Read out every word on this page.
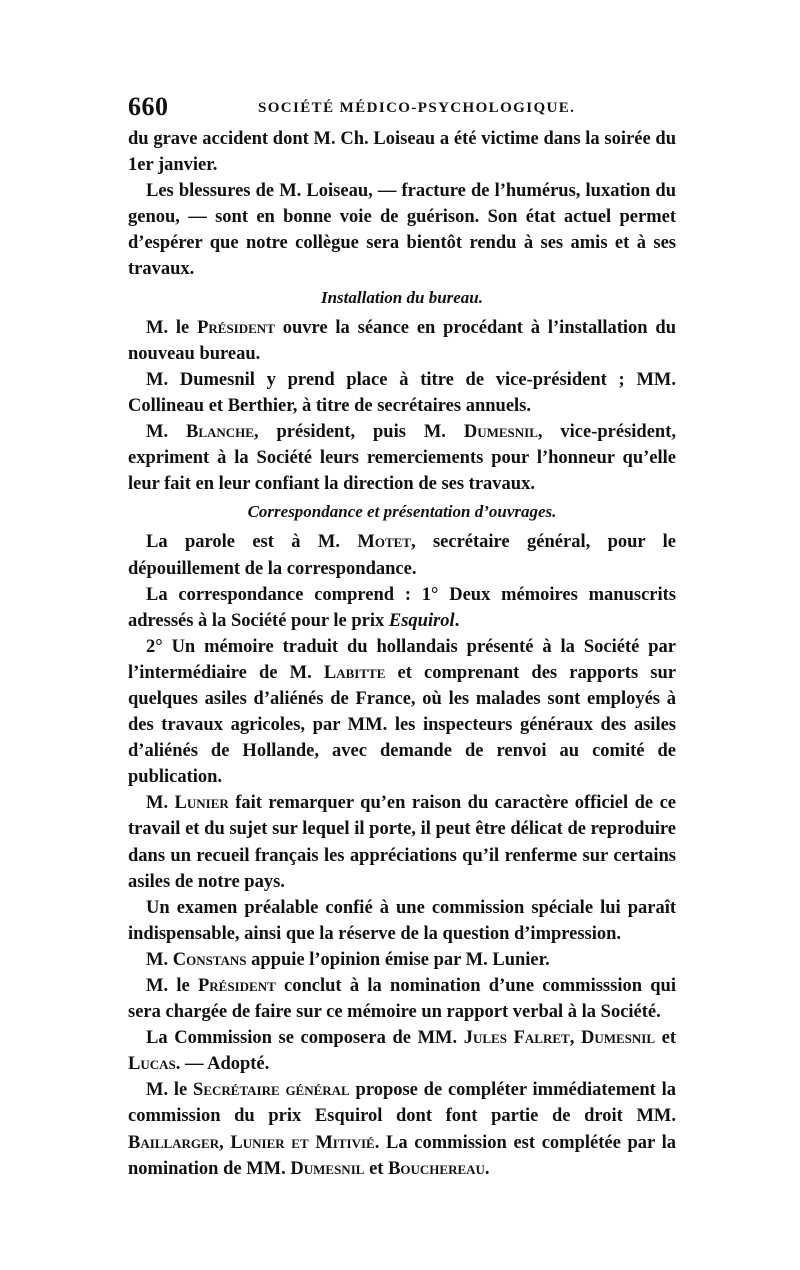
660	SOCIÉTÉ MÉDICO-PSYCHOLOGIQUE.

du grave accident dont M. Ch. Loiseau a été victime dans la soirée du 1er janvier.

Les blessures de M. Loiseau, — fracture de l’humérus, luxation du genou, — sont en bonne voie de guérison. Son état actuel permet d’espérer que notre collègue sera bientôt rendu à ses amis et à ses travaux.

Installation du bureau.

M. le Président ouvre la séance en procédant à l’installation du nouveau bureau.

M. Dumesnil y prend place à titre de vice-président ; MM. Collineau et Berthier, à titre de secrétaires annuels.

M. Blanche, président, puis M. Dumesnil, vice-président, expriment à la Société leurs remerciements pour l’honneur qu’elle leur fait en leur confiant la direction de ses travaux.

Correspondance et présentation d’ouvrages.

La parole est à M. Motet, secrétaire général, pour le dépouillement de la correspondance.

La correspondance comprend : 1° Deux mémoires manuscrits adressés à la Société pour le prix Esquirol.

2° Un mémoire traduit du hollandais présenté à la Société par l’intermédiaire de M. Labitte et comprenant des rapports sur quelques asiles d’aliénés de France, où les malades sont employés à des travaux agricoles, par MM. les inspecteurs généraux des asiles d’aliénés de Hollande, avec demande de renvoi au comité de publication.

M. Lunier fait remarquer qu’en raison du caractère officiel de ce travail et du sujet sur lequel il porte, il peut être délicat de reproduire dans un recueil français les appréciations qu’il renferme sur certains asiles de notre pays.

Un examen préalable confié à une commission spéciale lui paraît indispensable, ainsi que la réserve de la question d’impression.

M. Constans appuie l’opinion émise par M. Lunier.

M. le Président conclut à la nomination d’une commisssion qui sera chargée de faire sur ce mémoire un rapport verbal à la Société.

La Commission se composera de MM. Jules Falret, Dumesnil et Lucas. — Adopté.

M. le Secrétaire général propose de compléter immédiatement la commission du prix Esquirol dont font partie de droit MM. Baillarger, Lunier et Mitivié. La commission est complétée par la nomination de MM. Dumesnil et Bouchereau.
